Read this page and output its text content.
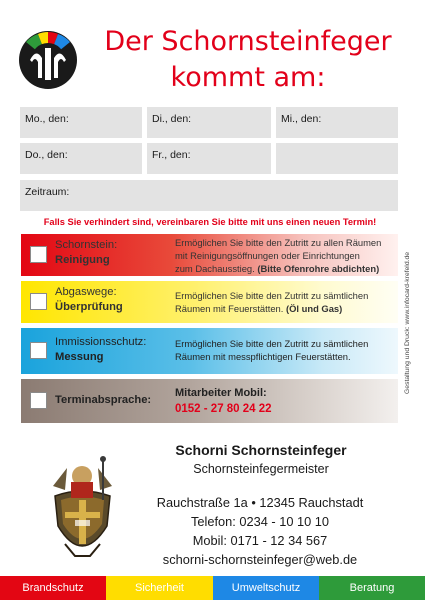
Der Schornsteinfeger
kommt am:
Mo., den:	Di., den:	Mi., den:
Do., den:	Fr., den:
Zeitraum:
Falls Sie verhindert sind, vereinbaren Sie bitte mit uns einen neuen Termin!
Schornstein:
Reinigung
Ermöglichen Sie bitte den Zutritt zu allen Räumen
mit Reinigungsöffnungen oder Einrichtungen
zum Dachausstieg. (Bitte Ofenrohre abdichten)
Abgaswege:
Überprüfung
Ermöglichen Sie bitte den Zutritt zu sämtlichen
Räumen mit Feuerstätten. (Öl und Gas)
Immissionsschutz:
Messung
Ermöglichen Sie bitte den Zutritt zu sämtlichen
Räumen mit messpflichtigen Feuerstätten.
Terminabsprache:
Mitarbeiter Mobil:
0152 - 27 80 24 22
Gestaltung und Druck: www.infocard-krefeld.de
Schorni Schornsteinfeger
Schornsteinfegermeister
Rauchstraße 1a • 12345 Rauchstadt
Telefon: 0234 - 10 10 10
Mobil: 0171 - 12 34 567
schorni-schornsteinfeger@web.de
Brandschutz	Sicherheit	Umweltschutz	Beratung
